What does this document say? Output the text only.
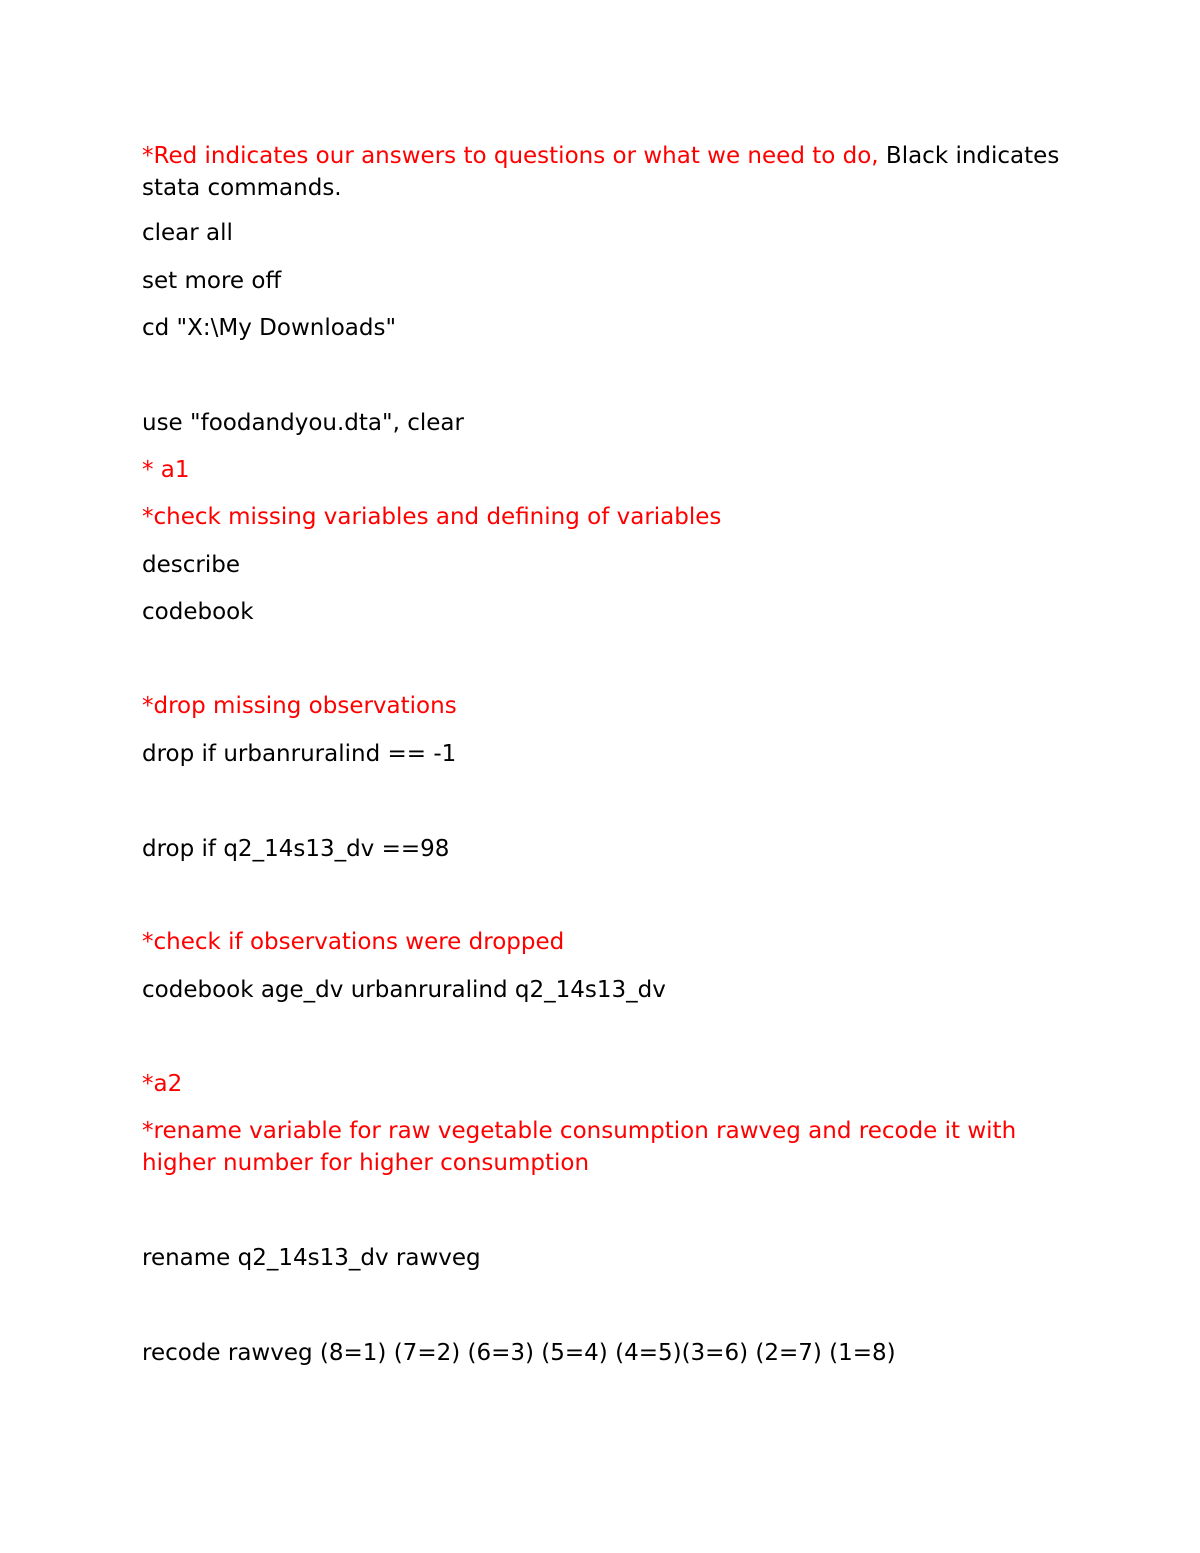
*Red indicates our answers to questions or what we need to do, Black indicates stata commands.

clear all

set more off

cd "X:\My Downloads"

use "foodandyou.dta", clear

* a1

*check missing variables and defining of variables

describe

codebook

*drop missing observations

drop if urbanruralind == -1

drop if q2_14s13_dv ==98

*check if observations were dropped

codebook age_dv urbanruralind q2_14s13_dv

*a2

*rename variable for raw vegetable consumption rawveg and recode it with higher number for higher consumption

rename q2_14s13_dv rawveg

recode rawveg (8=1) (7=2) (6=3) (5=4) (4=5)(3=6) (2=7) (1=8)
